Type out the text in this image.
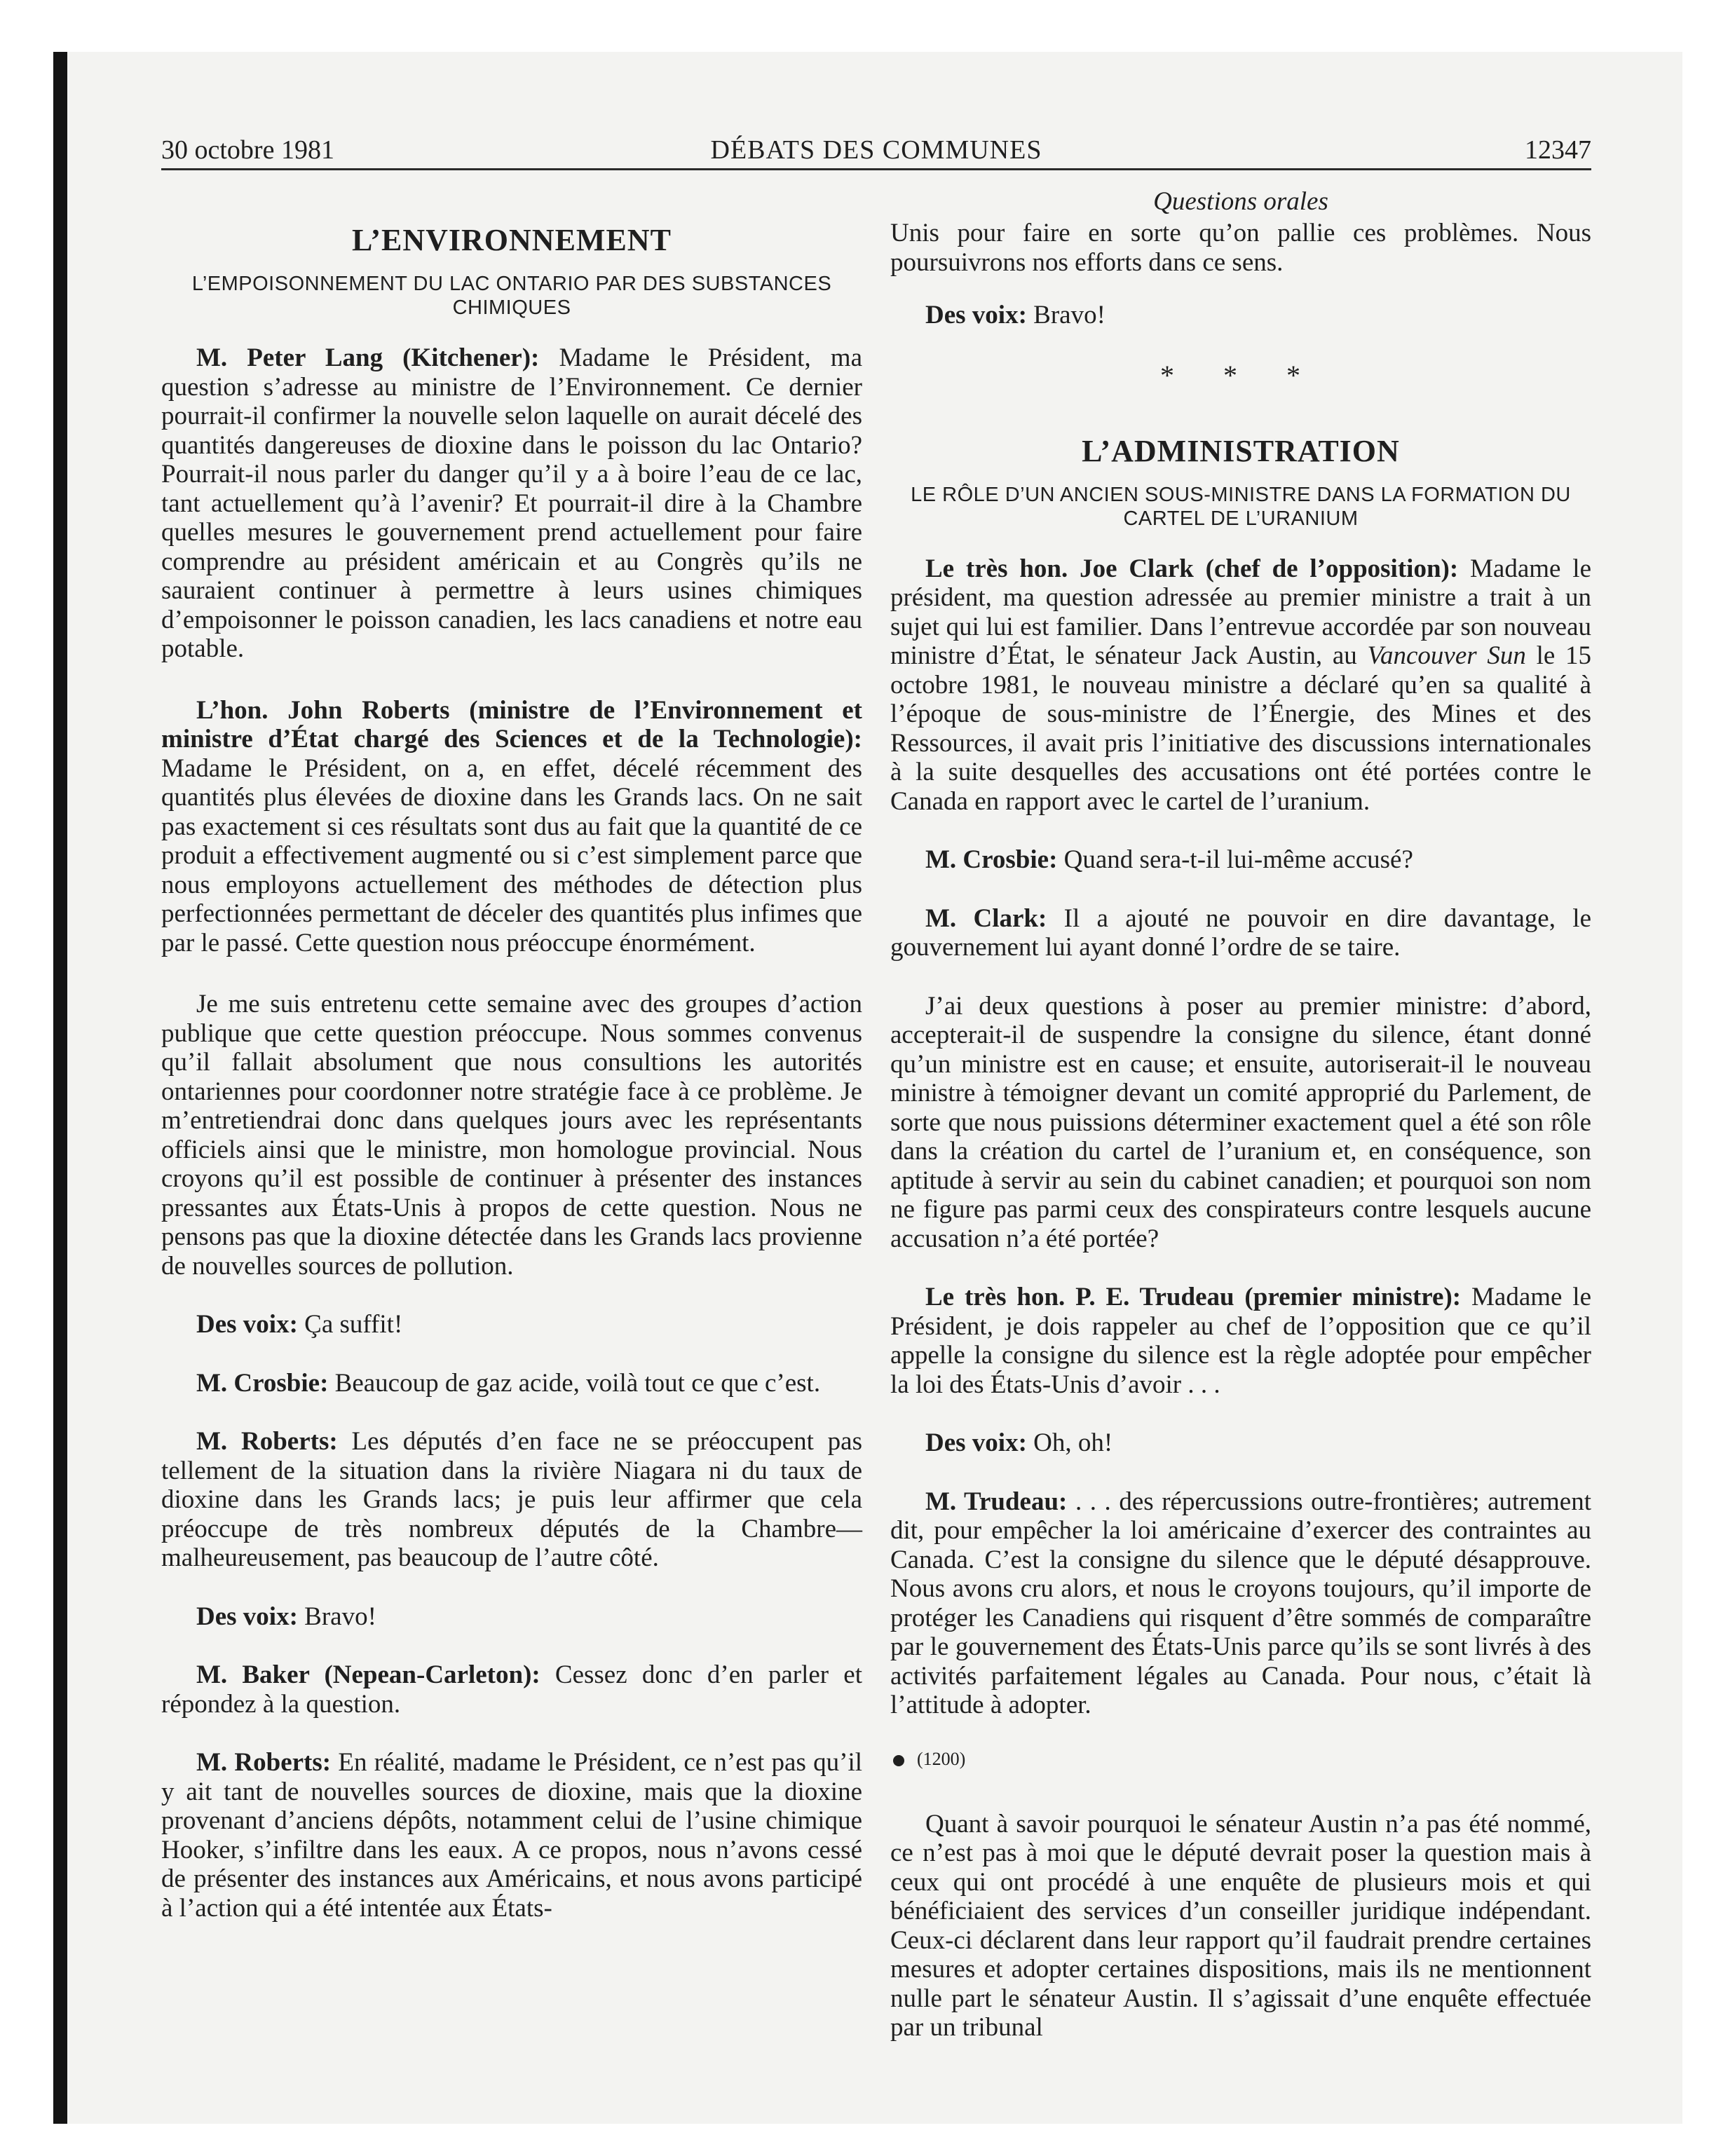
30 octobre 1981	DÉBATS DES COMMUNES	12347
Questions orales
L’ENVIRONNEMENT
L’EMPOISONNEMENT DU LAC ONTARIO PAR DES SUBSTANCES CHIMIQUES

M. Peter Lang (Kitchener): Madame le Président, ma question s’adresse au ministre de l’Environnement. Ce dernier pourrait-il confirmer la nouvelle selon laquelle on aurait décelé des quantités dangereuses de dioxine dans le poisson du lac Ontario? Pourrait-il nous parler du danger qu’il y a à boire l’eau de ce lac, tant actuellement qu’à l’avenir? Et pourrait-il dire à la Chambre quelles mesures le gouvernement prend actuellement pour faire comprendre au président américain et au Congrès qu’ils ne sauraient continuer à permettre à leurs usines chimiques d’empoisonner le poisson canadien, les lacs canadiens et notre eau potable.

L’hon. John Roberts (ministre de l’Environnement et ministre d’État chargé des Sciences et de la Technologie): Madame le Président, on a, en effet, décelé récemment des quantités plus élevées de dioxine dans les Grands lacs. On ne sait pas exactement si ces résultats sont dus au fait que la quantité de ce produit a effectivement augmenté ou si c’est simplement parce que nous employons actuellement des méthodes de détection plus perfectionnées permettant de déceler des quantités plus infimes que par le passé. Cette question nous préoccupe énormément.

Je me suis entretenu cette semaine avec des groupes d’action publique que cette question préoccupe. Nous sommes convenus qu’il fallait absolument que nous consultions les autorités ontariennes pour coordonner notre stratégie face à ce problème. Je m’entretiendrai donc dans quelques jours avec les représentants officiels ainsi que le ministre, mon homologue provincial. Nous croyons qu’il est possible de continuer à présenter des instances pressantes aux États-Unis à propos de cette question. Nous ne pensons pas que la dioxine détectée dans les Grands lacs provienne de nouvelles sources de pollution.

Des voix: Ça suffit!

M. Crosbie: Beaucoup de gaz acide, voilà tout ce que c’est.

M. Roberts: Les députés d’en face ne se préoccupent pas tellement de la situation dans la rivière Niagara ni du taux de dioxine dans les Grands lacs; je puis leur affirmer que cela préoccupe de très nombreux députés de la Chambre—malheureusement, pas beaucoup de l’autre côté.

Des voix: Bravo!

M. Baker (Nepean-Carleton): Cessez donc d’en parler et répondez à la question.

M. Roberts: En réalité, madame le Président, ce n’est pas qu’il y ait tant de nouvelles sources de dioxine, mais que la dioxine provenant d’anciens dépôts, notamment celui de l’usine chimique Hooker, s’infiltre dans les eaux. A ce propos, nous n’avons cessé de présenter des instances aux Américains, et nous avons participé à l’action qui a été intentée aux États-

Unis pour faire en sorte qu’on pallie ces problèmes. Nous poursuivrons nos efforts dans ce sens.

Des voix: Bravo!

* * *
L’ADMINISTRATION
LE RÔLE D’UN ANCIEN SOUS-MINISTRE DANS LA FORMATION DU CARTEL DE L’URANIUM

Le très hon. Joe Clark (chef de l’opposition): Madame le président, ma question adressée au premier ministre a trait à un sujet qui lui est familier. Dans l’entrevue accordée par son nouveau ministre d’État, le sénateur Jack Austin, au Vancouver Sun le 15 octobre 1981, le nouveau ministre a déclaré qu’en sa qualité à l’époque de sous-ministre de l’Énergie, des Mines et des Ressources, il avait pris l’initiative des discussions internationales à la suite desquelles des accusations ont été portées contre le Canada en rapport avec le cartel de l’uranium.

M. Crosbie: Quand sera-t-il lui-même accusé?

M. Clark: Il a ajouté ne pouvoir en dire davantage, le gouvernement lui ayant donné l’ordre de se taire.

J’ai deux questions à poser au premier ministre: d’abord, accepterait-il de suspendre la consigne du silence, étant donné qu’un ministre est en cause; et ensuite, autoriserait-il le nouveau ministre à témoigner devant un comité approprié du Parlement, de sorte que nous puissions déterminer exactement quel a été son rôle dans la création du cartel de l’uranium et, en conséquence, son aptitude à servir au sein du cabinet canadien; et pourquoi son nom ne figure pas parmi ceux des conspirateurs contre lesquels aucune accusation n’a été portée?

Le très hon. P. E. Trudeau (premier ministre): Madame le Président, je dois rappeler au chef de l’opposition que ce qu’il appelle la consigne du silence est la règle adoptée pour empêcher la loi des États-Unis d’avoir . . .

Des voix: Oh, oh!

M. Trudeau: . . . des répercussions outre-frontières; autrement dit, pour empêcher la loi américaine d’exercer des contraintes au Canada. C’est la consigne du silence que le député désapprouve. Nous avons cru alors, et nous le croyons toujours, qu’il importe de protéger les Canadiens qui risquent d’être sommés de comparaître par le gouvernement des États-Unis parce qu’ils se sont livrés à des activités parfaitement légales au Canada. Pour nous, c’était là l’attitude à adopter.

(1200)

Quant à savoir pourquoi le sénateur Austin n’a pas été nommé, ce n’est pas à moi que le député devrait poser la question mais à ceux qui ont procédé à une enquête de plusieurs mois et qui bénéficiaient des services d’un conseiller juridique indépendant. Ceux-ci déclarent dans leur rapport qu’il faudrait prendre certaines mesures et adopter certaines dispositions, mais ils ne mentionnent nulle part le sénateur Austin. Il s’agissait d’une enquête effectuée par un tribunal
